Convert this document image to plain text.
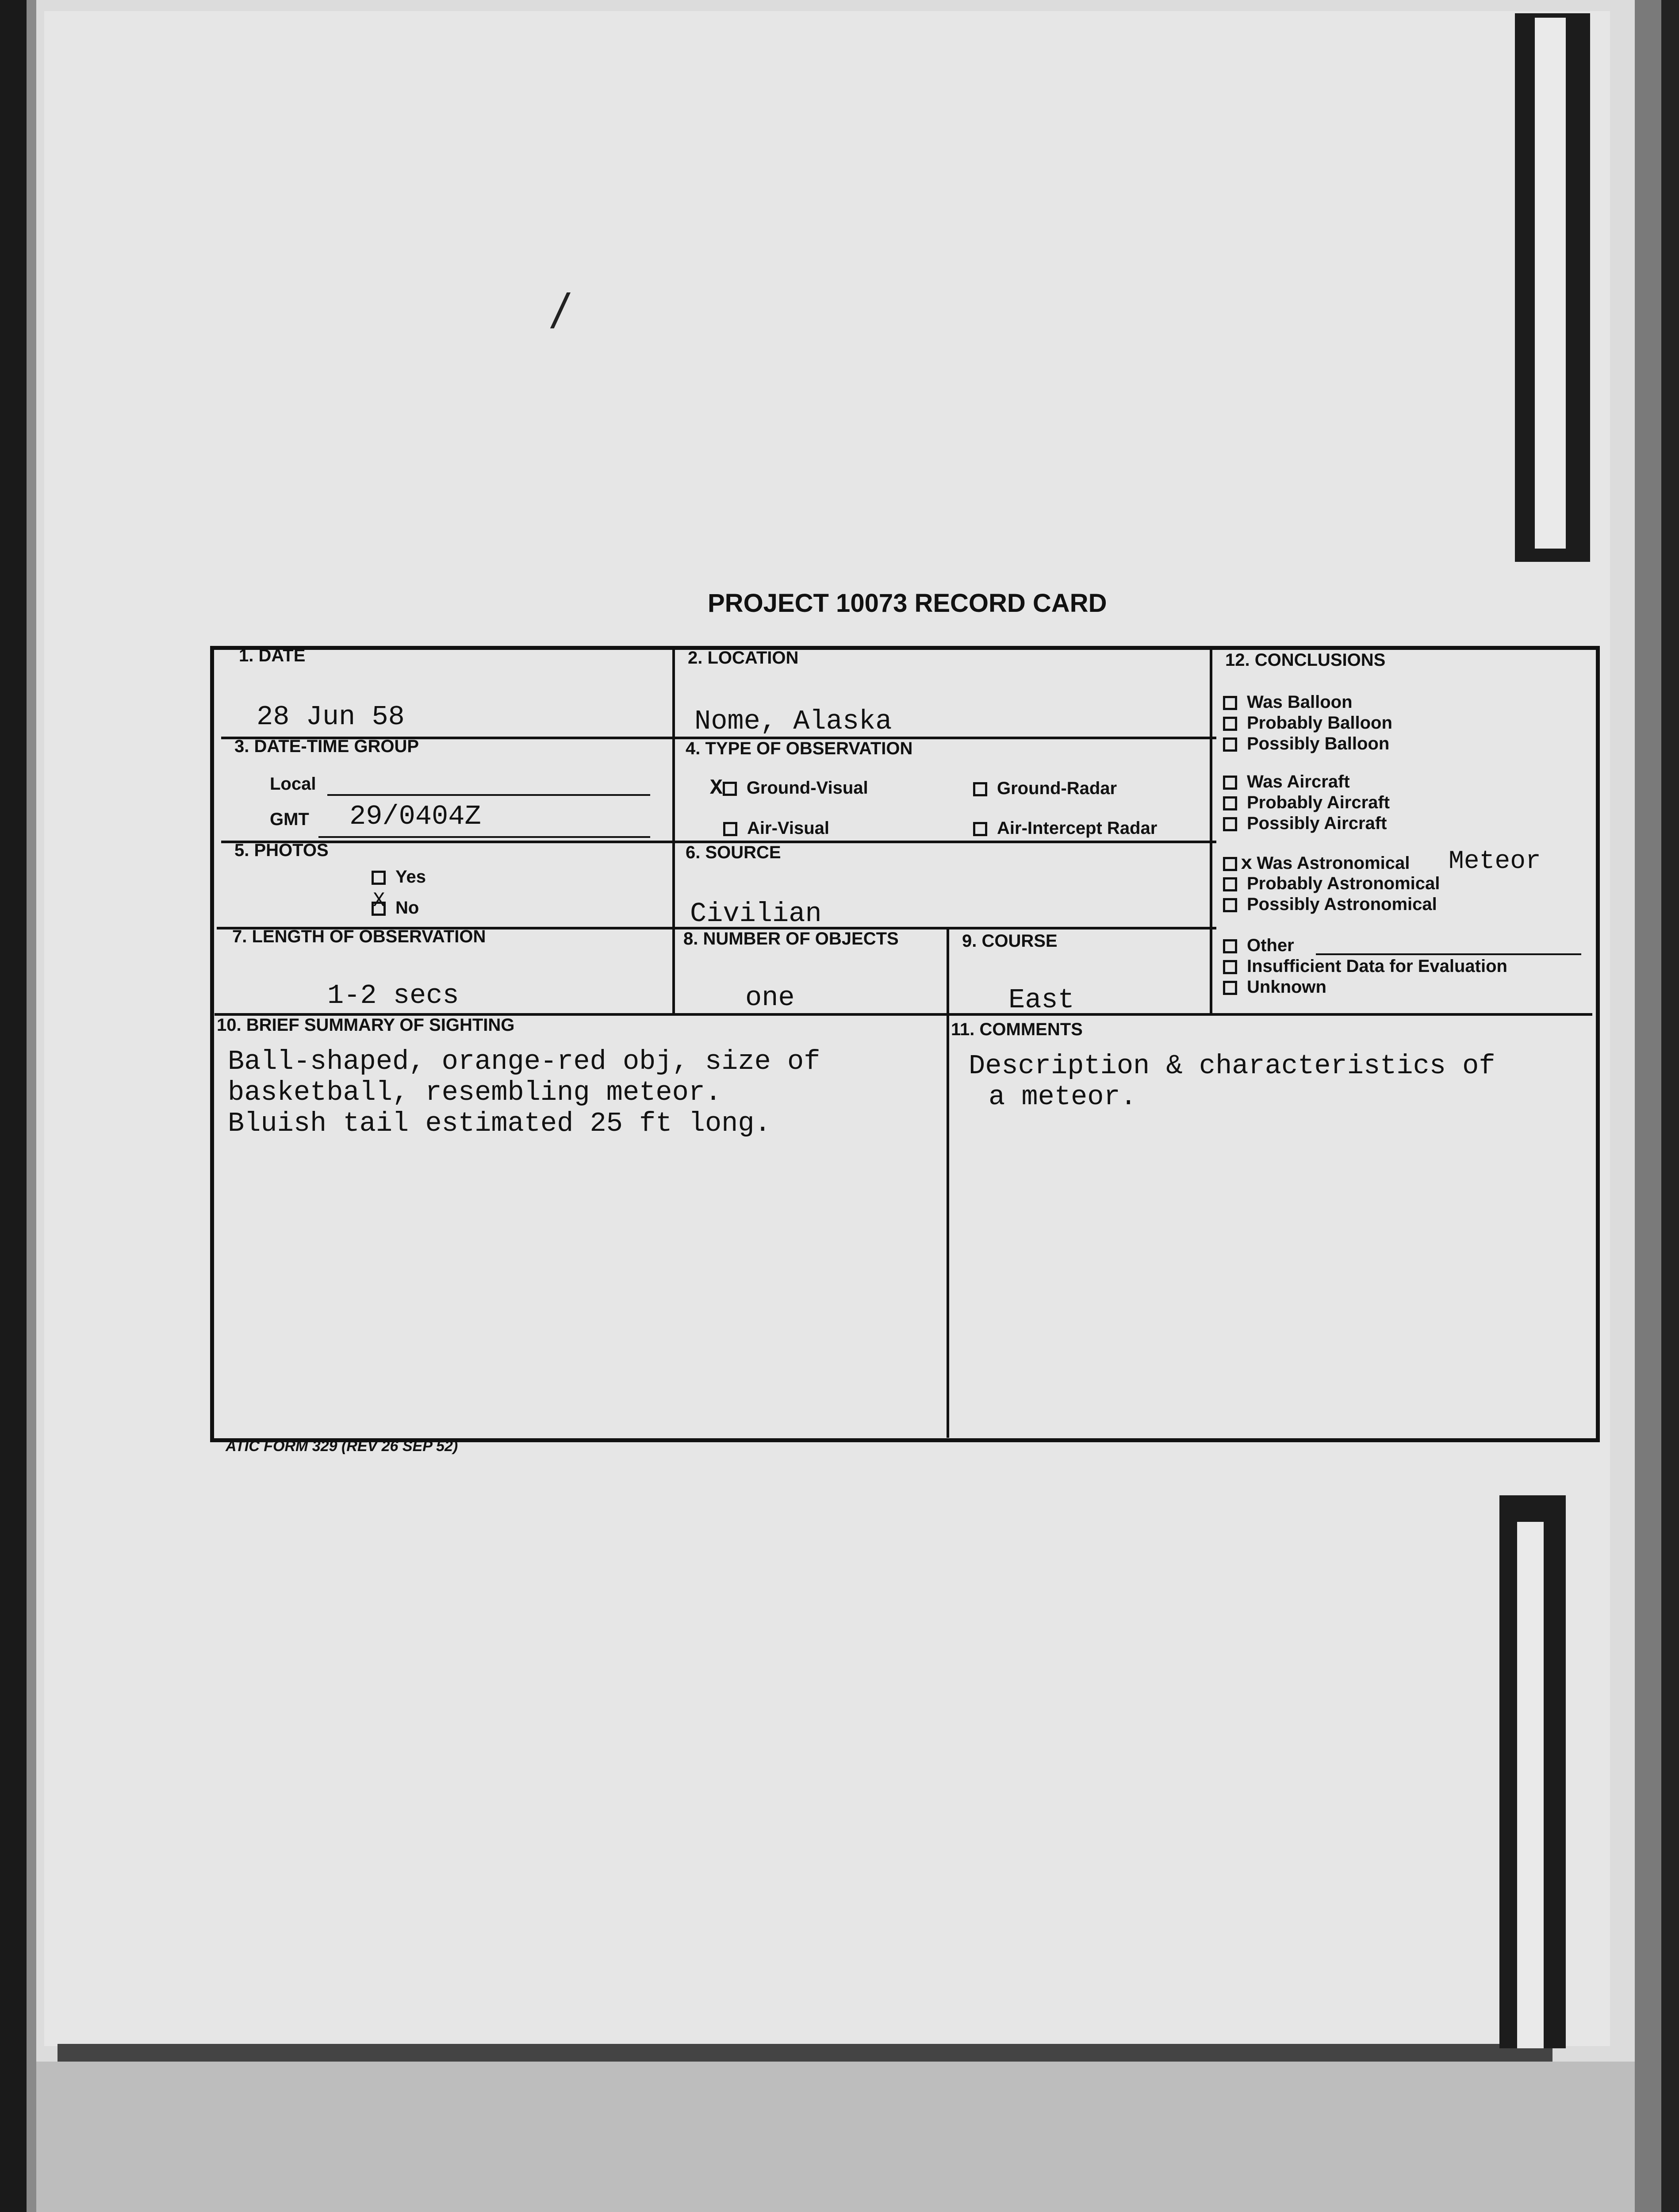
/
PROJECT 10073 RECORD CARD
1. DATE
28 Jun 58
2. LOCATION
Nome, Alaska
3. DATE-TIME GROUP
Local
GMT 29/0404Z
4. TYPE OF OBSERVATION
X Ground-Visual	Ground-Radar
Air-Visual	Air-Intercept Radar
5. PHOTOS
Yes
No
X
6. SOURCE
Civilian
7. LENGTH OF OBSERVATION
1-2 secs
8. NUMBER OF OBJECTS
one
9. COURSE
East
10. BRIEF SUMMARY OF SIGHTING
Ball-shaped, orange-red obj, size of
basketball, resembling meteor.
Bluish tail estimated 25 ft long.
11. COMMENTS
Description & characteristics of
a meteor.
12. CONCLUSIONS
Was Balloon
Probably Balloon
Possibly Balloon
Was Aircraft
Probably Aircraft
Possibly Aircraft
x Was Astronomical Meteor
Probably Astronomical
Possibly Astronomical
Other
Insufficient Data for Evaluation
Unknown
ATIC FORM 329 (REV 26 SEP 52)
